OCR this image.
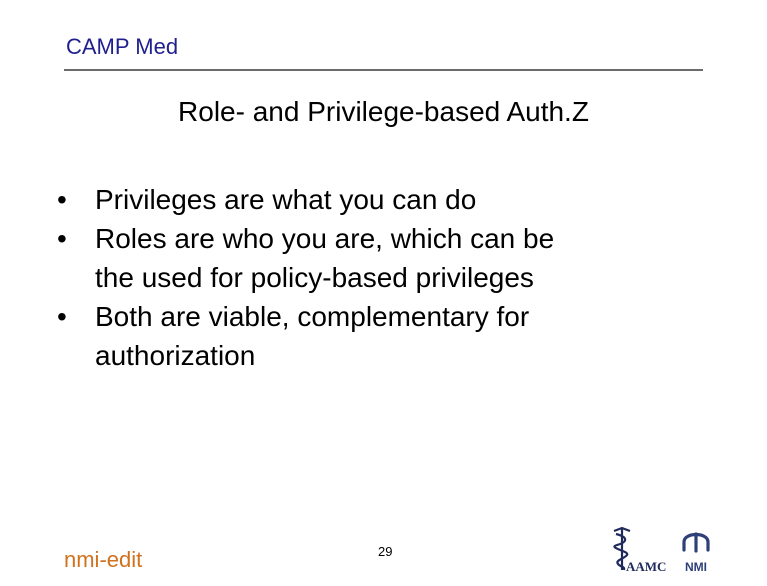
CAMP Med
Role- and Privilege-based Auth.Z
• Privileges are what you can do
• Roles are who you are, which can be
the used for policy-based privileges
• Both are viable, complementary for
authorization
nmi-edit	29
AAMC NMI
